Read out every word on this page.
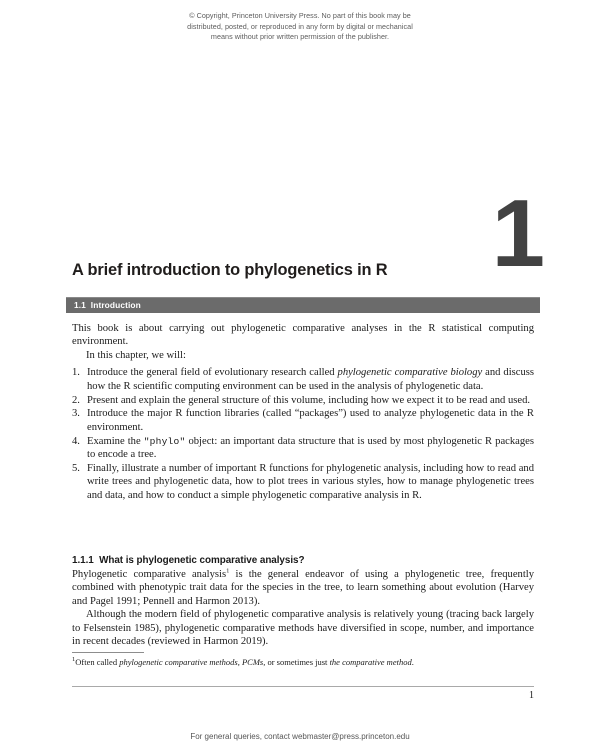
© Copyright, Princeton University Press. No part of this book may be
distributed, posted, or reproduced in any form by digital or mechanical
means without prior written permission of the publisher.
1
A brief introduction to phylogenetics in R
1.1  Introduction

This book is about carrying out phylogenetic comparative analyses in the R statistical computing environment.

In this chapter, we will:

Introduce the general field of evolutionary research called phylogenetic comparative biology and discuss how the R scientific computing environment can be used in the analysis of phylogenetic data.
Present and explain the general structure of this volume, including how we expect it to be read and used.
Introduce the major R function libraries (called “packages”) used to analyze phylogenetic data in the R environment.
Examine the "phylo" object: an important data structure that is used by most phylogenetic R packages to encode a tree.
Finally, illustrate a number of important R functions for phylogenetic analysis, including how to read and write trees and phylogenetic data, how to plot trees in various styles, how to manage phylogenetic trees and data, and how to conduct a simple phylogenetic comparative analysis in R.
1.1.1  What is phylogenetic comparative analysis?

Phylogenetic comparative analysis$^1$ is the general endeavor of using a phylogenetic tree, frequently combined with phenotypic trait data for the species in the tree, to learn something about evolution (Harvey and Pagel 1991; Pennell and Harmon 2013).

Although the modern field of phylogenetic comparative analysis is relatively young (tracing back largely to Felsenstein 1985), phylogenetic comparative methods have diversified in scope, number, and importance in recent decades (reviewed in Harmon 2019).

$^1$Often called phylogenetic comparative methods, PCMs, or sometimes just the comparative method.
1
For general queries, contact webmaster@press.princeton.edu
